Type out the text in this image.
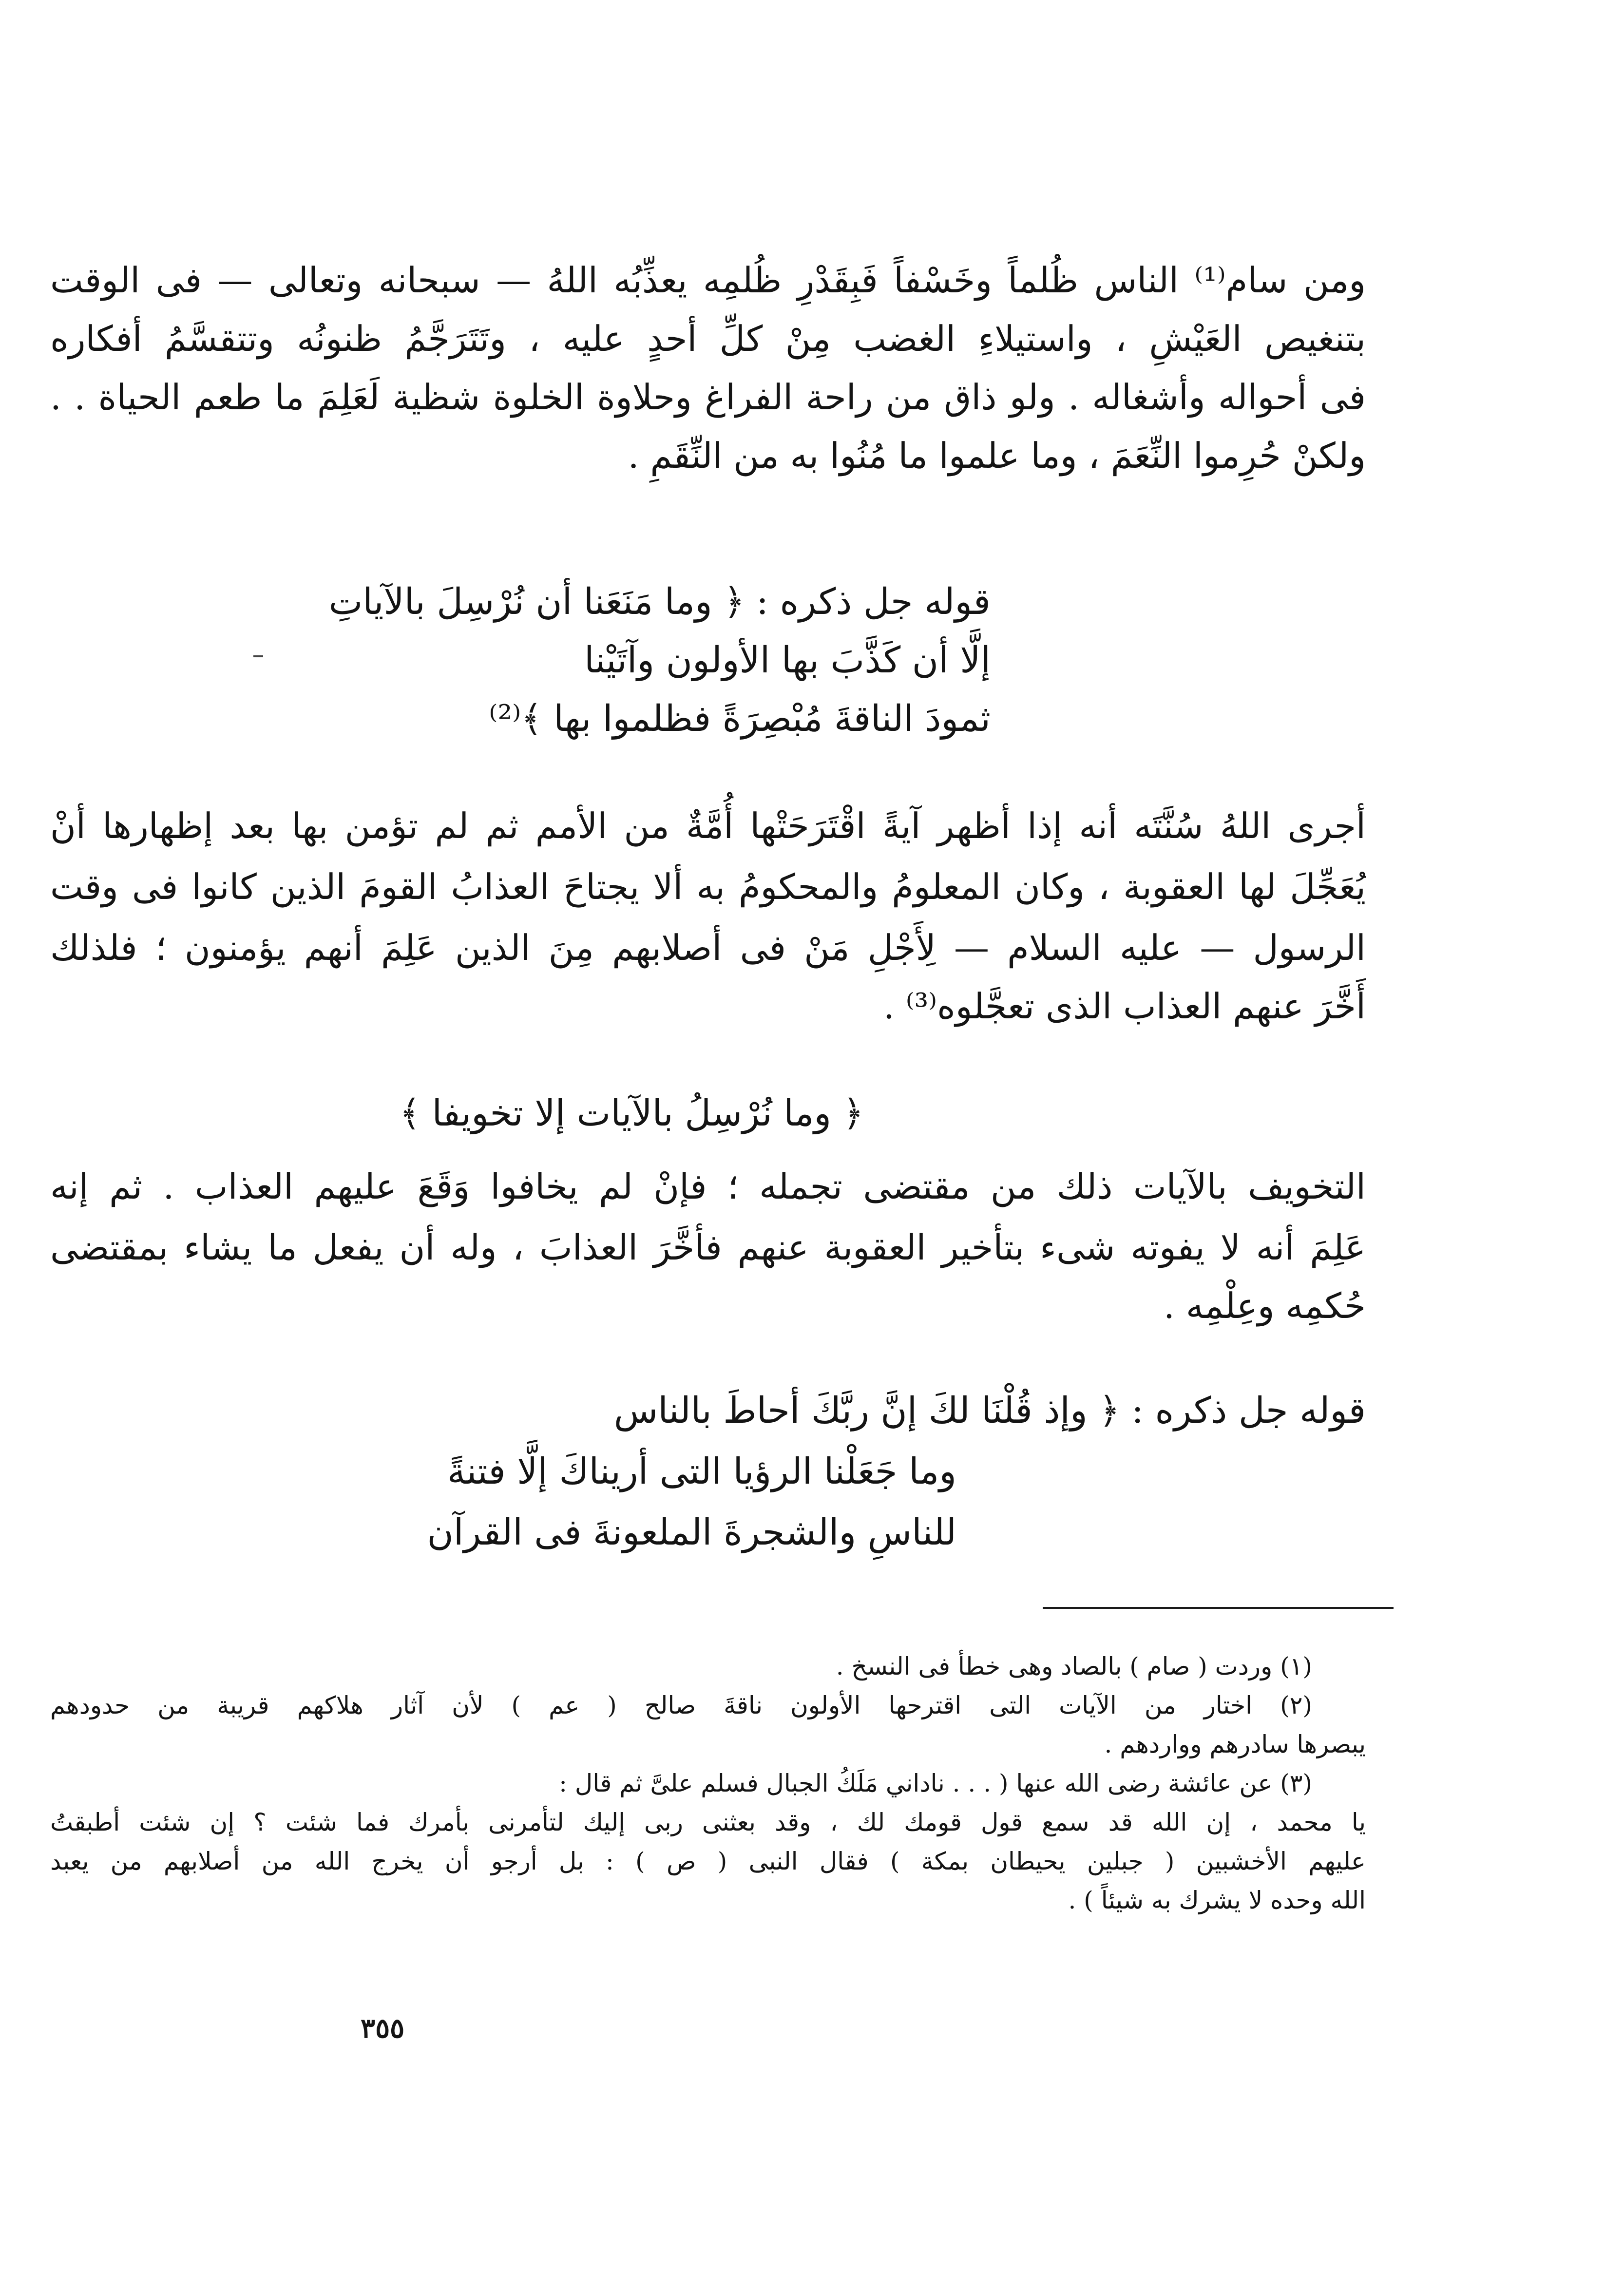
ومن سام⁽¹⁾ الناس ظُلماً وخَسْفاً فَبِقَدْرِ ظُلمِه يعذِّبُه اللهُ — سبحانه وتعالى — فى الوقت
بتنغيص العَيْشِ ، واستيلاءِ الغضب مِنْ كلِّ أحدٍ عليه ، وتَتَرَجَّمُ ظنونُه وتتقسَّمُ أفكاره
فى أحواله وأشغاله . ولو ذاق من راحة الفراغ وحلاوة الخلوة شظية لَعَلِمَ ما طعم الحياة . .
ولكنْ حُرِموا النِّعَمَ ، وما علموا ما مُنُوا به من النِّقَمِ .
قوله جل ذكره : ﴿ وما مَنَعَنا أن نُرْسِلَ بالآياتِ
إلَّا أن كَذَّبَ بها الأولون وآتَيْنا
ثمودَ الناقةَ مُبْصِرَةً فظلموا بها ﴾⁽²⁾
أجرى اللهُ سُنَّتَه أنه إذا أظهر آيةً اقْتَرَحَتْها أُمَّةٌ من الأمم ثم لم تؤمن بها بعد إظهارها أنْ
يُعَجِّلَ لها العقوبة ، وكان المعلومُ والمحكومُ به ألا يجتاحَ العذابُ القومَ الذين كانوا فى وقت
الرسول — عليه السلام — لِأَجْلِ مَنْ فى أصلابهم مِنَ الذين عَلِمَ أنهم يؤمنون ؛ فلذلك
أَخَّرَ عنهم العذاب الذى تعجَّلوه⁽³⁾ .
﴿ وما نُرْسِلُ بالآيات إلا تخويفا ﴾
التخويف بالآيات ذلك من مقتضى تجمله ؛ فإنْ لم يخافوا وَقَعَ عليهم العذاب . ثم إنه
عَلِمَ أنه لا يفوته شىء بتأخير العقوبة عنهم فأخَّرَ العذابَ ، وله أن يفعل ما يشاء بمقتضى
حُكمِه وعِلْمِه .
قوله جل ذكره : ﴿ وإذ قُلْنَا لكَ إنَّ ربَّكَ أحاطَ بالناس
وما جَعَلْنا الرؤيا التى أريناكَ إلَّا فتنةً
للناسِ والشجرةَ الملعونةَ فى القرآن
(١) وردت ( صام ) بالصاد وهى خطأ فى النسخ .
(٢) اختار من الآيات التى اقترحها الأولون ناقةَ صالح ( عم ) لأن آثار هلاكهم قريبة من حدودهم
يبصرها سادرهم وواردهم .
(٣) عن عائشة رضى الله عنها ( . . . ناداني مَلَكُ الجبال فسلم علىَّ ثم قال :
يا محمد ، إن الله قد سمع قول قومك لك ، وقد بعثنى ربى إليك لتأمرنى بأمرك فما شئت ؟ إن شئت أطبقتُ
عليهم الأخشبين ( جبلين يحيطان بمكة ) فقال النبى ( ص ) : بل أرجو أن يخرج الله من أصلابهم من يعبد
الله وحده لا يشرك به شيئاً ) .
٣٥٥
